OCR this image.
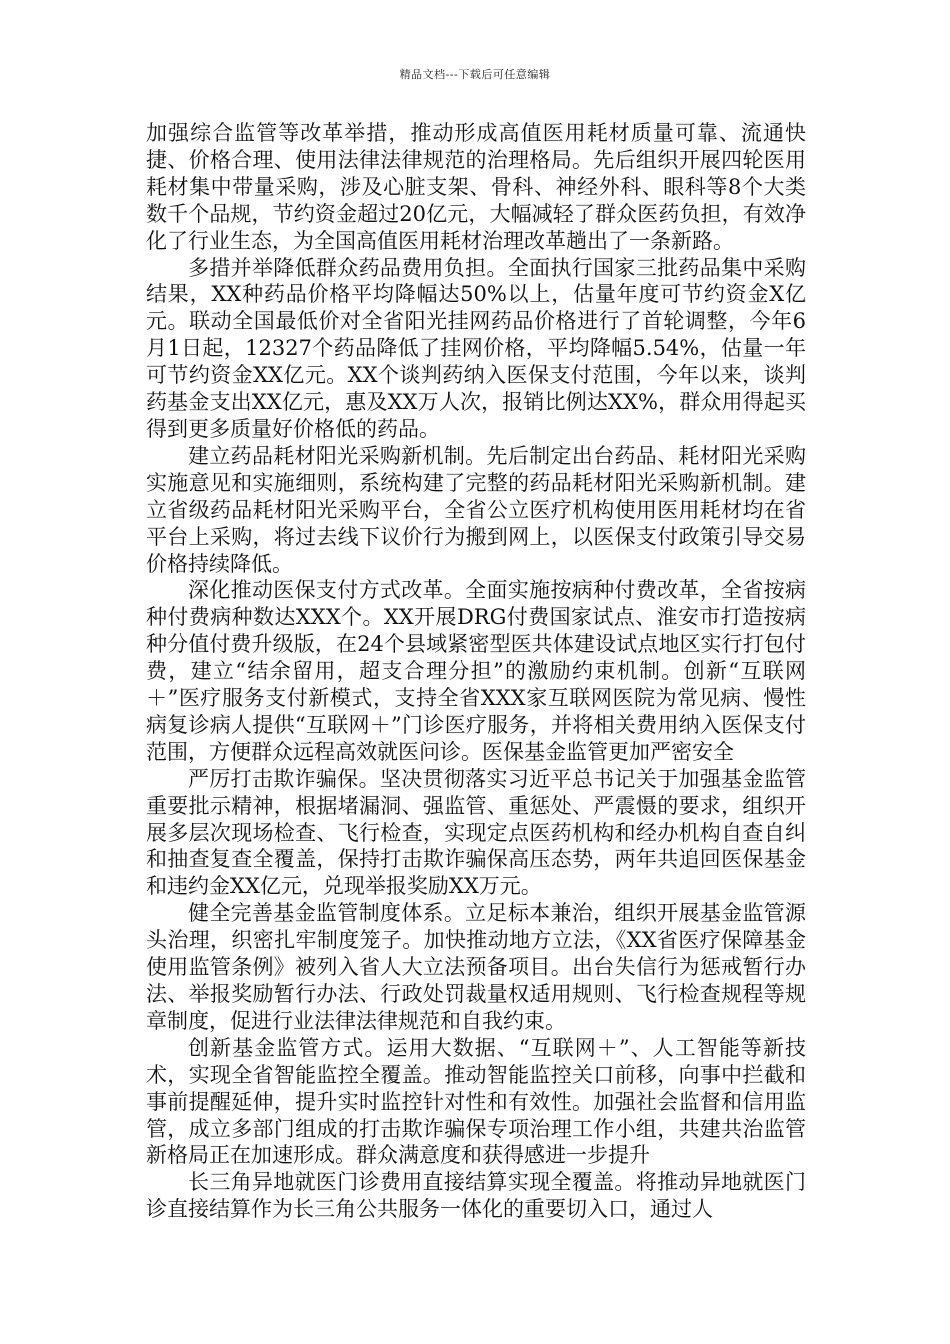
精品文档---下载后可任意编辑

加强综合监管等改革举措，推动形成高值医用耗材质量可靠、流通快捷、价格合理、使用法律法律规范的治理格局。先后组织开展四轮医用耗材集中带量采购，涉及心脏支架、骨科、神经外科、眼科等8个大类数千个品规，节约资金超过20亿元，大幅减轻了群众医药负担，有效净化了行业生态，为全国高值医用耗材治理改革趟出了一条新路。

多措并举降低群众药品费用负担。全面执行国家三批药品集中采购结果，XX种药品价格平均降幅达50%以上，估量年度可节约资金X亿元。联动全国最低价对全省阳光挂网药品价格进行了首轮调整，今年6月1日起，12327个药品降低了挂网价格，平均降幅5.54%，估量一年可节约资金XX亿元。XX个谈判药纳入医保支付范围，今年以来，谈判药基金支出XX亿元，惠及XX万人次，报销比例达XX%，群众用得起买得到更多质量好价格低的药品。

建立药品耗材阳光采购新机制。先后制定出台药品、耗材阳光采购实施意见和实施细则，系统构建了完整的药品耗材阳光采购新机制。建立省级药品耗材阳光采购平台，全省公立医疗机构使用医用耗材均在省平台上采购，将过去线下议价行为搬到网上，以医保支付政策引导交易价格持续降低。

深化推动医保支付方式改革。全面实施按病种付费改革，全省按病种付费病种数达XXX个。XX开展DRG付费国家试点、淮安市打造按病种分值付费升级版，在24个县域紧密型医共体建设试点地区实行打包付费，建立“结余留用，超支合理分担”的激励约束机制。创新“互联网＋”医疗服务支付新模式，支持全省XXX家互联网医院为常见病、慢性病复诊病人提供“互联网＋”门诊医疗服务，并将相关费用纳入医保支付范围，方便群众远程高效就医问诊。医保基金监管更加严密安全

严厉打击欺诈骗保。坚决贯彻落实习近平总书记关于加强基金监管重要批示精神，根据堵漏洞、强监管、重惩处、严震慑的要求，组织开展多层次现场检查、飞行检查，实现定点医药机构和经办机构自查自纠和抽查复查全覆盖，保持打击欺诈骗保高压态势，两年共追回医保基金和违约金XX亿元，兑现举报奖励XX万元。

健全完善基金监管制度体系。立足标本兼治，组织开展基金监管源头治理，织密扎牢制度笼子。加快推动地方立法，《XX省医疗保障基金使用监管条例》被列入省人大立法预备项目。出台失信行为惩戒暂行办法、举报奖励暂行办法、行政处罚裁量权适用规则、飞行检查规程等规章制度，促进行业法律法律规范和自我约束。

创新基金监管方式。运用大数据、“互联网＋”、人工智能等新技术，实现全省智能监控全覆盖。推动智能监控关口前移，向事中拦截和事前提醒延伸，提升实时监控针对性和有效性。加强社会监督和信用监管，成立多部门组成的打击欺诈骗保专项治理工作小组，共建共治监管新格局正在加速形成。群众满意度和获得感进一步提升

长三角异地就医门诊费用直接结算实现全覆盖。将推动异地就医门诊直接结算作为长三角公共服务一体化的重要切入口，通过人
